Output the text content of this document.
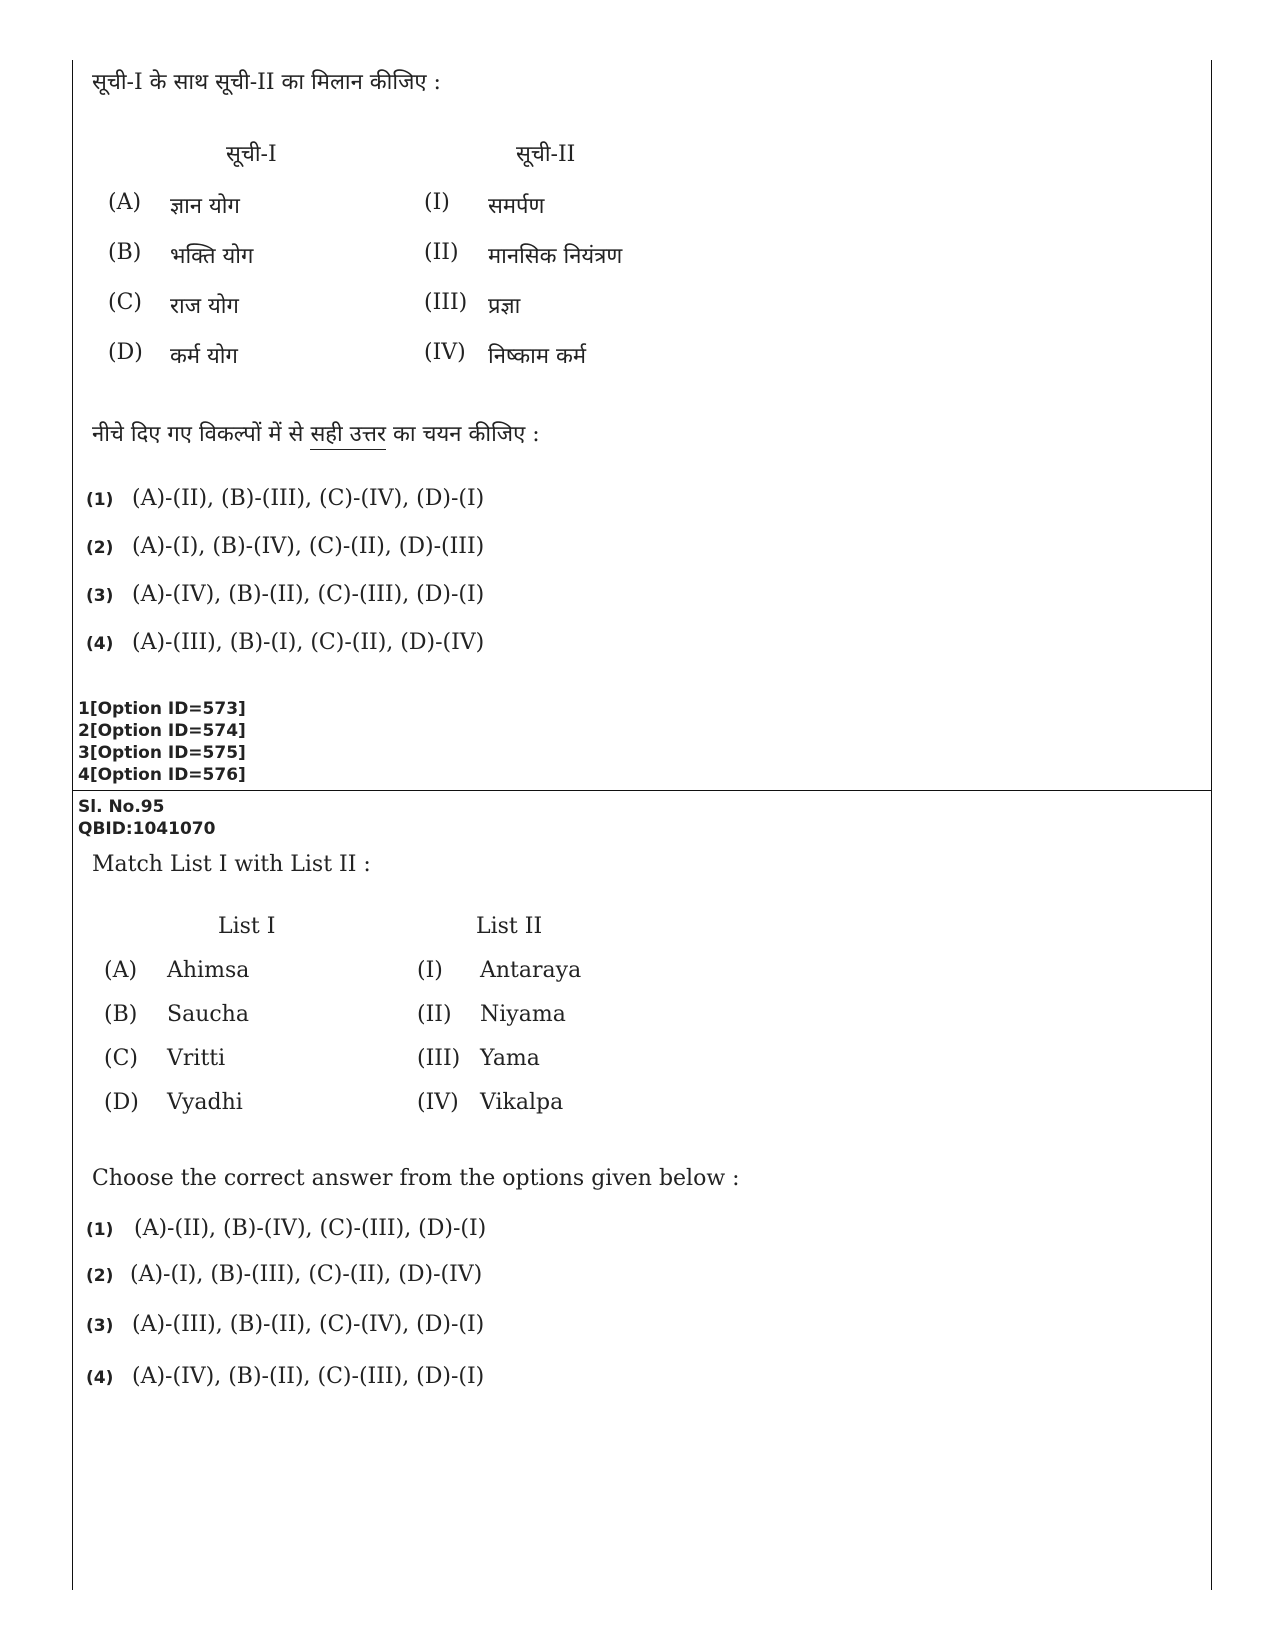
सूची-I के साथ सूची-II का मिलान कीजिए :
सूची-I	सूची-II
(A) ज्ञान योग	(I) समर्पण
(B) भक्ति योग	(II) मानसिक नियंत्रण
(C) राज योग	(III) प्रज्ञा
(D) कर्म योग	(IV) निष्काम कर्म
नीचे दिए गए विकल्पों में से सही उत्तर का चयन कीजिए :
(1) (A)-(II), (B)-(III), (C)-(IV), (D)-(I)
(2) (A)-(I), (B)-(IV), (C)-(II), (D)-(III)
(3) (A)-(IV), (B)-(II), (C)-(III), (D)-(I)
(4) (A)-(III), (B)-(I), (C)-(II), (D)-(IV)
1[Option ID=573]
2[Option ID=574]
3[Option ID=575]
4[Option ID=576]
Sl. No.95
QBID:1041070
Match List I with List II :
List I	List II
(A) Ahimsa	(I) Antaraya
(B) Saucha	(II) Niyama
(C) Vritti	(III) Yama
(D) Vyadhi	(IV) Vikalpa
Choose the correct answer from the options given below :
(1) (A)-(II), (B)-(IV), (C)-(III), (D)-(I)
(2) (A)-(I), (B)-(III), (C)-(II), (D)-(IV)
(3) (A)-(III), (B)-(II), (C)-(IV), (D)-(I)
(4) (A)-(IV), (B)-(II), (C)-(III), (D)-(I)
